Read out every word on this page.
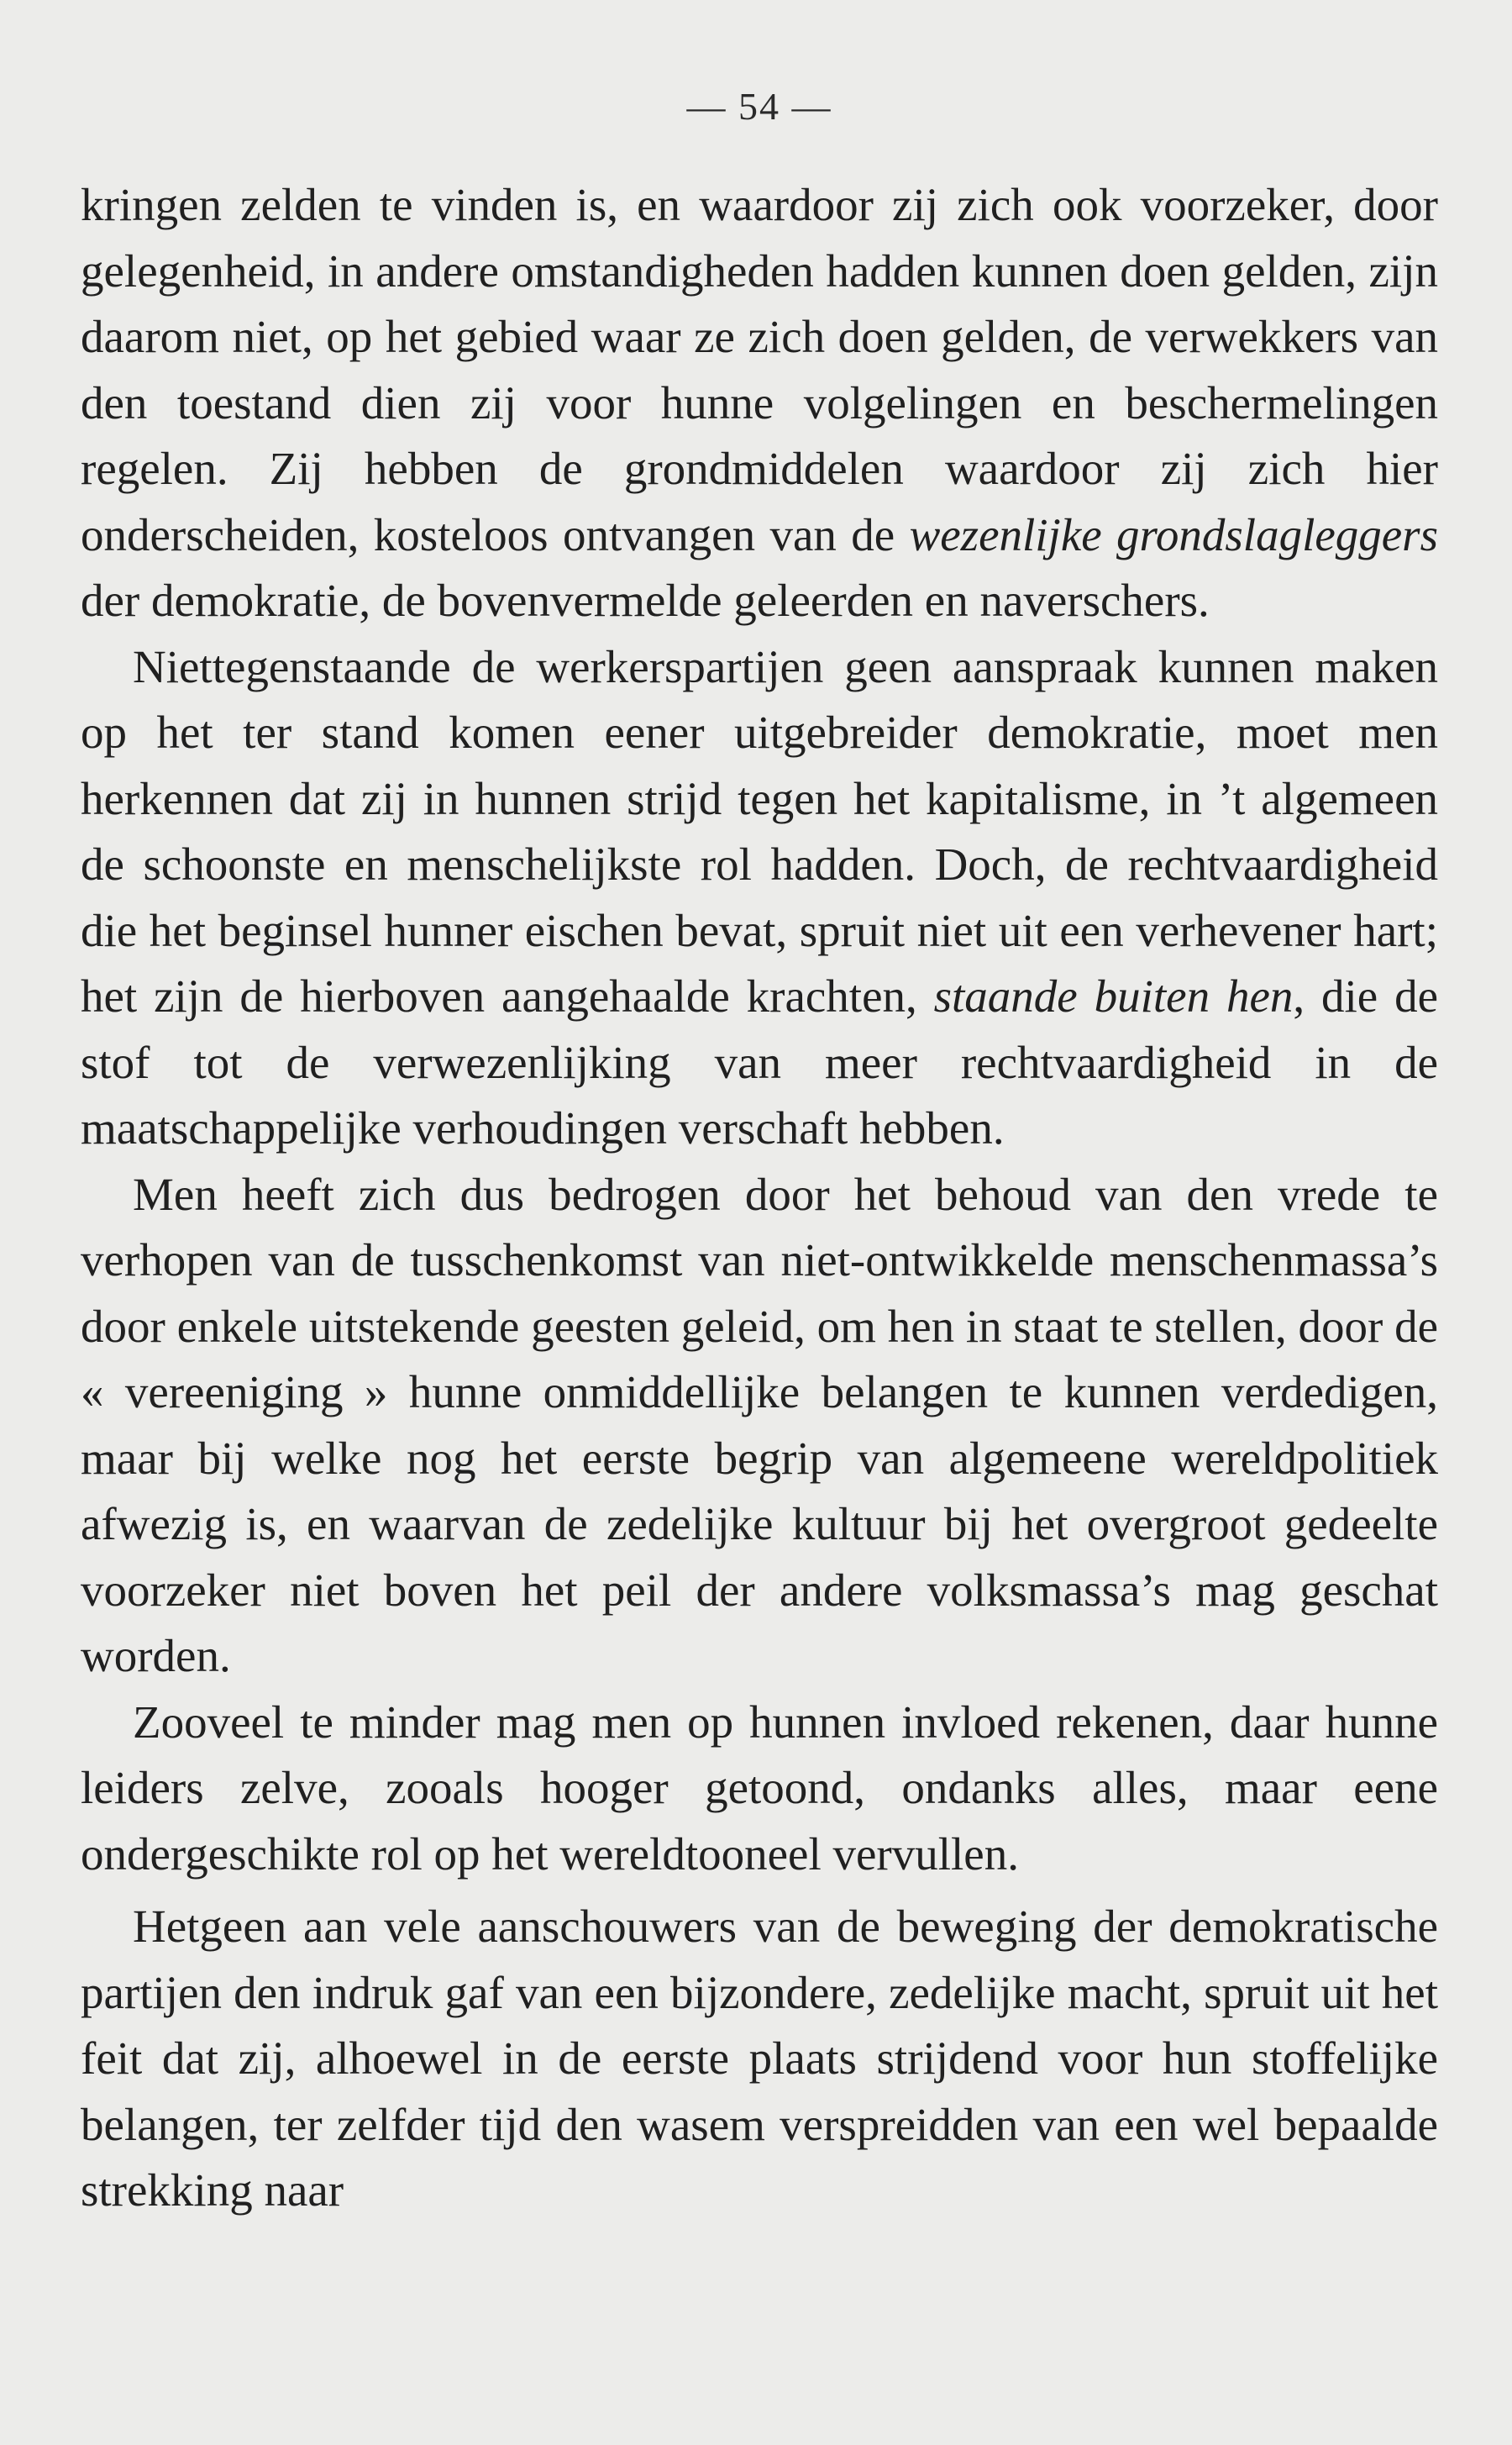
— 54 —

kringen zelden te vinden is, en waardoor zij zich ook voorzeker, door gelegenheid, in andere omstandigheden hadden kunnen doen gelden, zijn daarom niet, op het gebied waar ze zich doen gelden, de verwekkers van den toestand dien zij voor hunne volgelingen en beschermelingen regelen. Zij hebben de grondmiddelen waardoor zij zich hier onderscheiden, kosteloos ontvangen van de wezenlijke grondslagleggers der demokratie, de bovenvermelde geleerden en naverschers.

Niettegenstaande de werkerspartijen geen aanspraak kunnen maken op het ter stand komen eener uitgebreider demokratie, moet men herkennen dat zij in hunnen strijd tegen het kapitalisme, in ’t algemeen de schoonste en menschelijkste rol hadden. Doch, de rechtvaardigheid die het beginsel hunner eischen bevat, spruit niet uit een verhevener hart; het zijn de hierboven aangehaalde krachten, staande buiten hen, die de stof tot de verwezenlijking van meer rechtvaardigheid in de maatschappelijke verhoudingen verschaft hebben.

Men heeft zich dus bedrogen door het behoud van den vrede te verhopen van de tusschenkomst van niet-ontwikkelde menschenmassa’s door enkele uitstekende geesten geleid, om hen in staat te stellen, door de « vereeniging » hunne onmiddellijke belangen te kunnen verdedigen, maar bij welke nog het eerste begrip van algemeene wereldpolitiek afwezig is, en waarvan de zedelijke kultuur bij het overgroot gedeelte voorzeker niet boven het peil der andere volksmassa’s mag geschat worden.

Zooveel te minder mag men op hunnen invloed rekenen, daar hunne leiders zelve, zooals hooger getoond, ondanks alles, maar eene ondergeschikte rol op het wereldtooneel vervullen.

Hetgeen aan vele aanschouwers van de beweging der demokratische partijen den indruk gaf van een bijzondere, zedelijke macht, spruit uit het feit dat zij, alhoewel in de eerste plaats strijdend voor hun stoffelijke belangen, ter zelfder tijd den wasem verspreidden van een wel bepaalde strekking naar
